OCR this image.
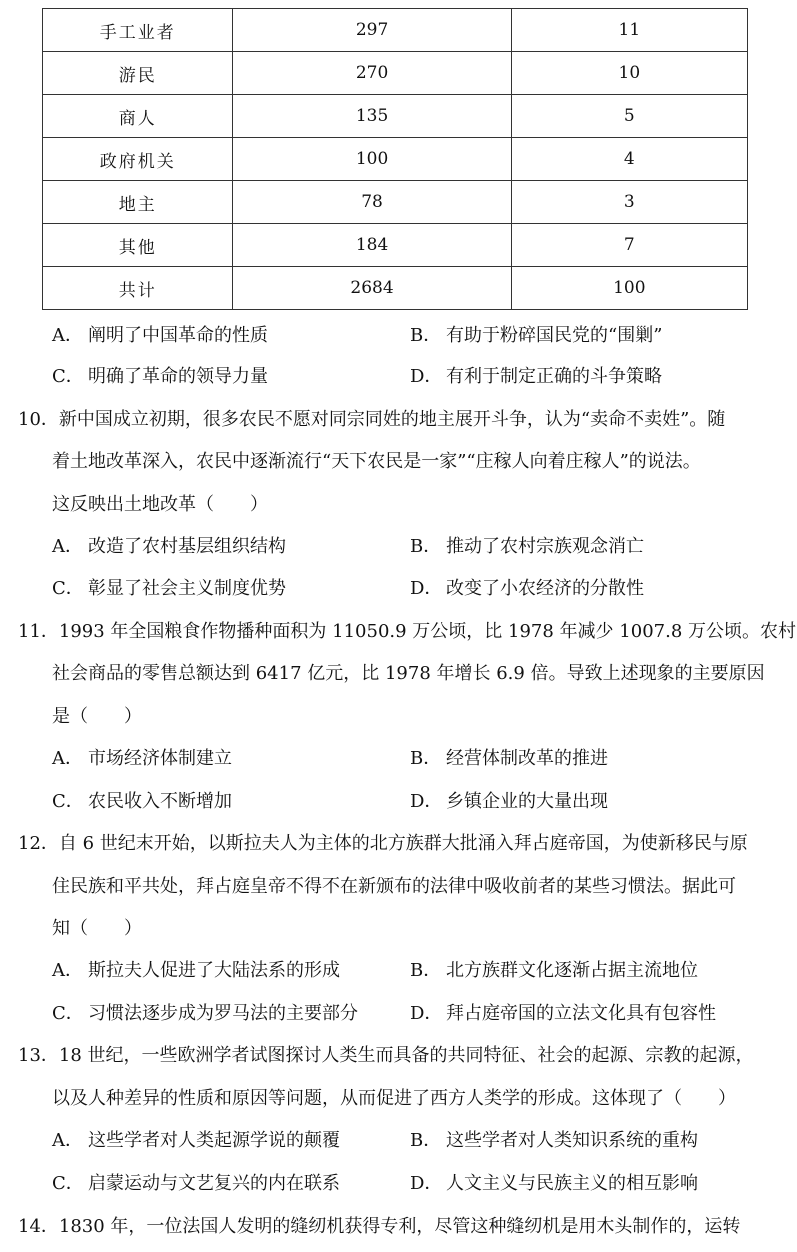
手工业者	297	11
游民	270	10
商人	135	5
政府机关	100	4
地主	78	3
其他	184	7
共计	2684	100
A． 阐明了中国革命的性质	B． 有助于粉碎国民党的“围剿”
C． 明确了革命的领导力量	D． 有利于制定正确的斗争策略
10．新中国成立初期，很多农民不愿对同宗同姓的地主展开斗争，认为“卖命不卖姓”。随
着土地改革深入，农民中逐渐流行“天下农民是一家”“庄稼人向着庄稼人”的说法。
这反映出土地改革（　　）
A． 改造了农村基层组织结构	B． 推动了农村宗族观念消亡
C． 彰显了社会主义制度优势	D． 改变了小农经济的分散性
11．1993 年全国粮食作物播种面积为 11050.9 万公顷，比 1978 年减少 1007.8 万公顷。农村
社会商品的零售总额达到 6417 亿元，比 1978 年增长 6.9 倍。导致上述现象的主要原因
是（　　）
A． 市场经济体制建立	B． 经营体制改革的推进
C． 农民收入不断增加	D． 乡镇企业的大量出现
12．自 6 世纪末开始，以斯拉夫人为主体的北方族群大批涌入拜占庭帝国，为使新移民与原
住民族和平共处，拜占庭皇帝不得不在新颁布的法律中吸收前者的某些习惯法。据此可
知（　　）
A． 斯拉夫人促进了大陆法系的形成	B． 北方族群文化逐渐占据主流地位
C． 习惯法逐步成为罗马法的主要部分	D． 拜占庭帝国的立法文化具有包容性
13．18 世纪，一些欧洲学者试图探讨人类生而具备的共同特征、社会的起源、宗教的起源，
以及人种差异的性质和原因等问题，从而促进了西方人类学的形成。这体现了（　　）
A． 这些学者对人类起源学说的颠覆	B． 这些学者对人类知识系统的重构
C． 启蒙运动与文艺复兴的内在联系	D． 人文主义与民族主义的相互影响
14．1830 年，一位法国人发明的缝纫机获得专利，尽管这种缝纫机是用木头制作的，运转
